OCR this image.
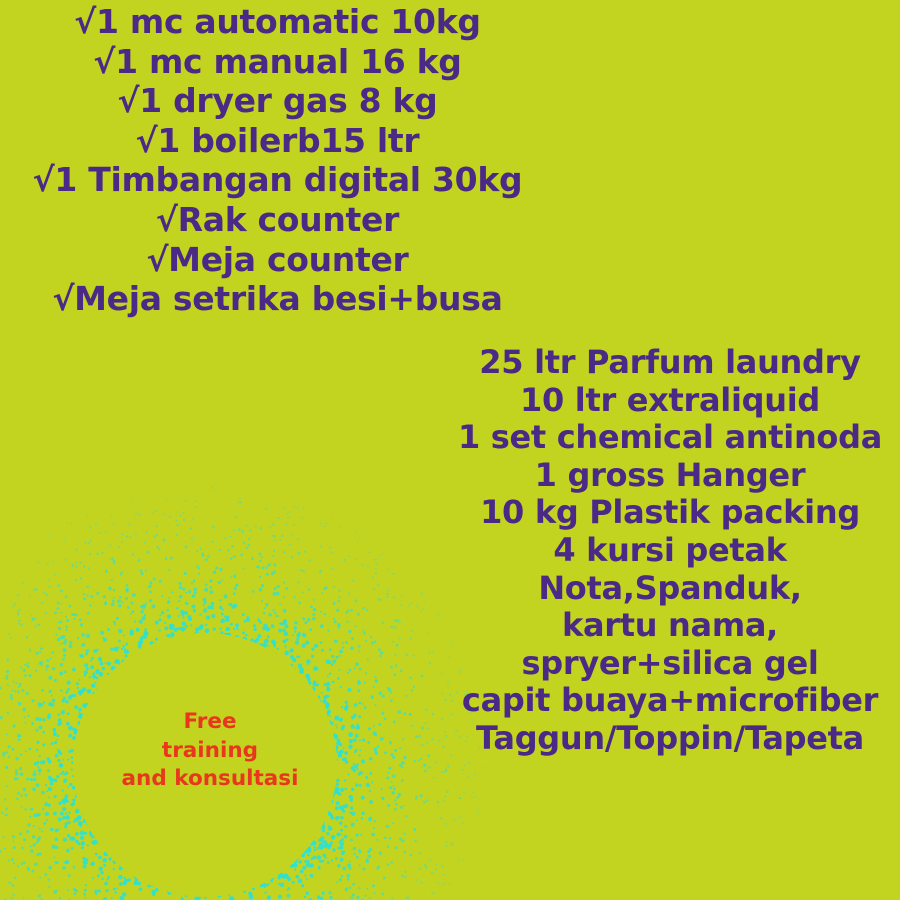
√1 mc automatic 10kg
√1 mc manual 16 kg
√1 dryer gas 8 kg
√1 boilerb15 ltr
√1 Timbangan digital 30kg
√Rak counter
√Meja counter
√Meja setrika besi+busa
25 ltr Parfum laundry
10 ltr extraliquid
1 set chemical antinoda
1 gross Hanger
10 kg Plastik packing
4 kursi petak
Nota,Spanduk,
kartu nama,
spryer+silica gel
capit buaya+microfiber
Taggun/Toppin/Tapeta
Free
training
and konsultasi
